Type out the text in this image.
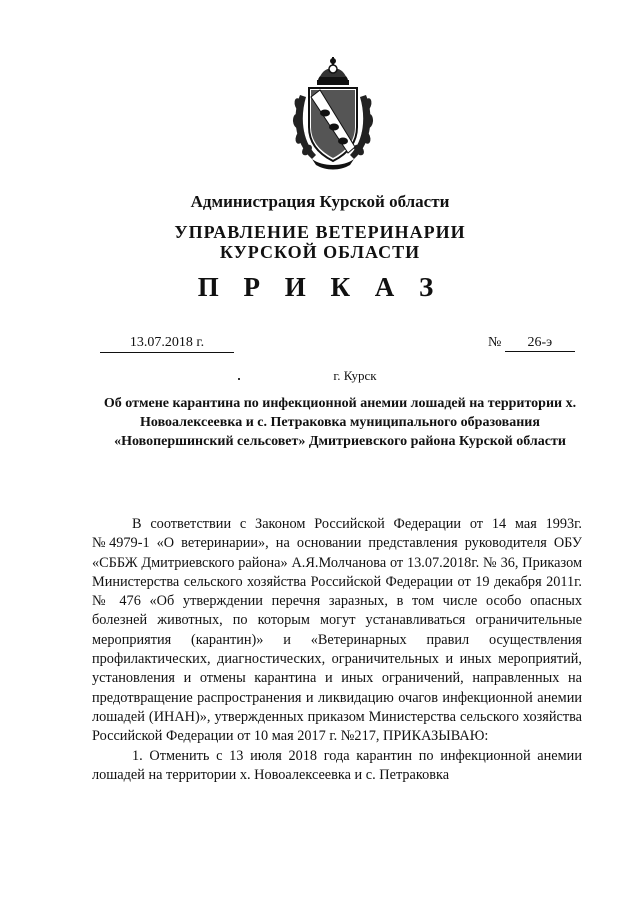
Администрация Курской области
УПРАВЛЕНИЕ ВЕТЕРИНАРИИ
КУРСКОЙ ОБЛАСТИ
П Р И К А З
13.07.2018 г.	№ 26-э
г. Курск
Об отмене карантина по инфекционной анемии лошадей на территории х. Новоалексеевка и с. Петраковка муниципального образования «Новопершинский сельсовет» Дмитриевского района Курской области

В соответствии с Законом Российской Федерации от 14 мая 1993г. №4979-1 «О ветеринарии», на основании представления руководителя ОБУ «СББЖ Дмитриевского района» А.Я.Молчанова от 13.07.2018г. № 36, Приказом Министерства сельского хозяйства Российской Федерации от 19 декабря 2011г. № 476 «Об утверждении перечня заразных, в том числе особо опасных болезней животных, по которым могут устанавливаться ограничительные мероприятия (карантин)» и «Ветеринарных правил осуществления профилактических, диагностических, ограничительных и иных мероприятий, установления и отмены карантина и иных ограничений, направленных на предотвращение распространения и ликвидацию очагов инфекционной анемии лошадей (ИНАН)», утвержденных приказом Министерства сельского хозяйства Российской Федерации от 10 мая 2017 г. №217, ПРИКАЗЫВАЮ:

1. Отменить с 13 июля 2018 года карантин по инфекционной анемии лошадей на территории х. Новоалексеевка и с. Петраковка
